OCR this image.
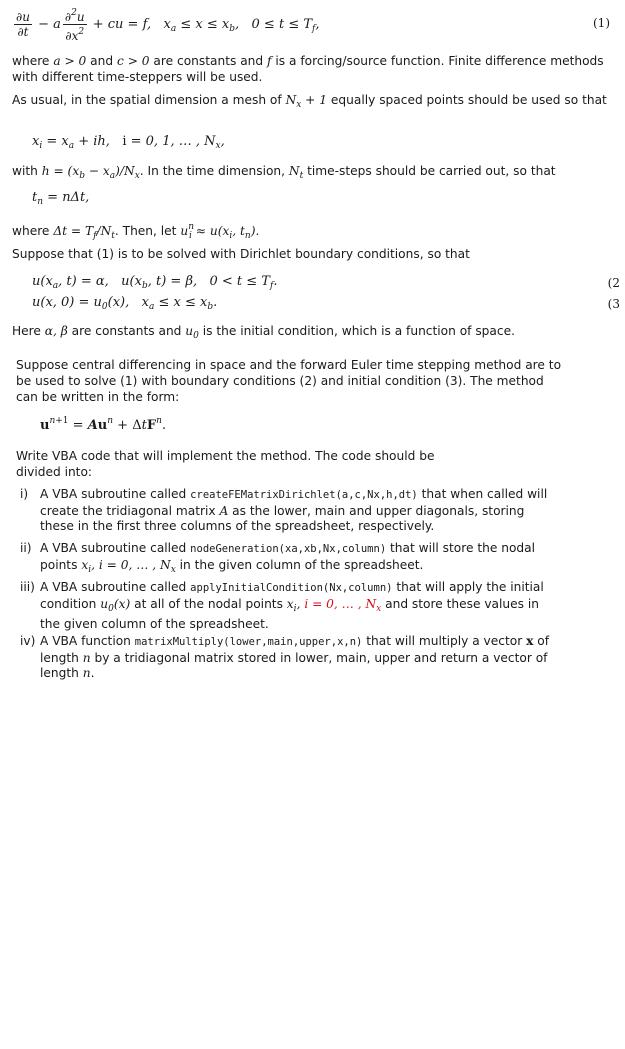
$\frac{\partial u}{\partial t} - a \frac{\partial^2u}{\partial x^2}$ + cu = f,   $x_a \le x \le x_b$,   $0 \le t \le T_f$,	(1)
where a > 0 and c > 0 are constants and f is a forcing/source function. Finite difference methods with different time-steppers will be used.
As usual, in the spatial dimension a mesh of $N_x + 1$ equally spaced points should be used so that
$x_i = x_a$ + ih,   i = 0, 1, … , $N_x$,
with $h = (x_b - x_a)/N_x$. In the time dimension, $N_t$ time-steps should be carried out, so that
$t_n = n\Delta t$,
where $\Delta t = T_f/N_t$. Then, let $u^n_i \approx u(x_i$, $t_n$).
Suppose that (1) is to be solved with Dirichlet boundary conditions, so that
$u(x_a$, t) = α,   $u(x_b$, t) = β,   $0 < t \le T_f$.	(2
u(x, $0) = u_0(x)$,   $x_a \le x \le x_b$.	(3
Here α, β are constants and $u_0$ is the initial condition, which is a function of space.
Suppose central differencing in space and the forward Euler time stepping method are to be used to solve (1) with boundary conditions (2) and initial condition (3). The method can be written in the form:
$u^{n+1} = Au^n + \Delta tF^n$.
Write VBA code that will implement the method. The code should be divided into:
i) A VBA subroutine called createFEMatrixDirichlet(a,c,Nx,h,dt) that when called will create the tridiagonal matrix A as the lower, main and upper diagonals, storing these in the first three columns of the spreadsheet, respectively.
ii) A VBA subroutine called nodeGeneration(xa,xb,Nx,column) that will store the nodal points $x_i$, i = 0, … , $N_x$ in the given column of the spreadsheet.
iii) A VBA subroutine called applyInitialCondition(Nx,column) that will apply the initial condition $u_0(x)$ at all of the nodal points $x_i$, i = 0, … , $N_x$ and store these values in the given column of the spreadsheet.
iv) A VBA function matrixMultiply(lower,main,upper,x,n) that will multiply a vector x of length n by a tridiagonal matrix stored in lower, main, upper and return a vector of length n.
